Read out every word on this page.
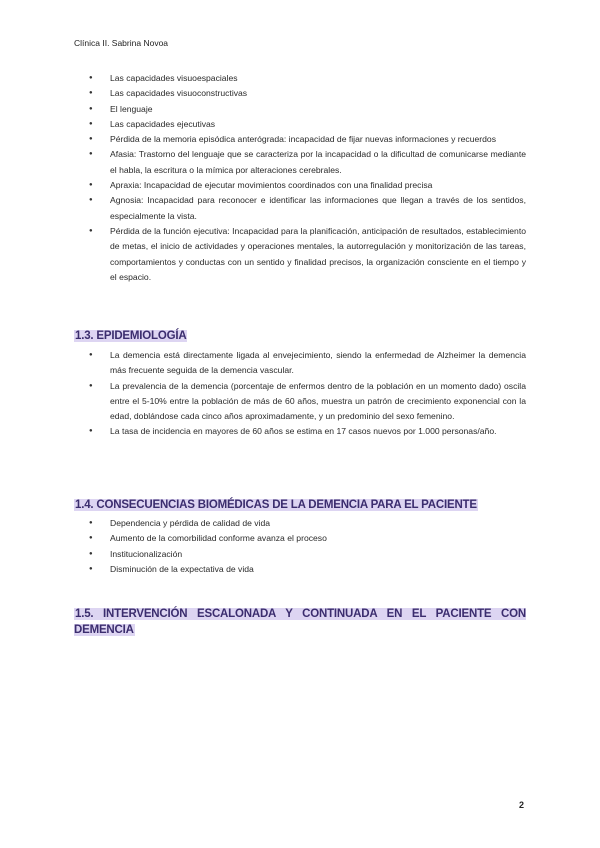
Clínica II. Sabrina Novoa
● Las capacidades visuoespaciales
● Las capacidades visuoconstructivas
● El lenguaje
● Las capacidades ejecutivas
● Pérdida de la memoria episódica anterógrada: incapacidad de fijar nuevas informaciones y recuerdos
● Afasia: Trastorno del lenguaje que se caracteriza por la incapacidad o la dificultad de comunicarse mediante el habla, la escritura o la mímica por alteraciones cerebrales.
● Apraxia: Incapacidad de ejecutar movimientos coordinados con una finalidad precisa
● Agnosia: Incapacidad para reconocer e identificar las informaciones que llegan a través de los sentidos, especialmente la vista.
● Pérdida de la función ejecutiva: Incapacidad para la planificación, anticipación de resultados, establecimiento de metas, el inicio de actividades y operaciones mentales, la autorregulación y monitorización de las tareas, comportamientos y conductas con un sentido y finalidad precisos, la organización consciente en el tiempo y el espacio.
1.3. EPIDEMIOLOGÍA
● La demencia está directamente ligada al envejecimiento, siendo la enfermedad de Alzheimer la demencia más frecuente seguida de la demencia vascular.
● La prevalencia de la demencia (porcentaje de enfermos dentro de la población en un momento dado) oscila entre el 5-10% entre la población de más de 60 años, muestra un patrón de crecimiento exponencial con la edad, doblándose cada cinco años aproximadamente, y un predominio del sexo femenino.
● La tasa de incidencia en mayores de 60 años se estima en 17 casos nuevos por 1.000 personas/año.
1.4. CONSECUENCIAS BIOMÉDICAS DE LA DEMENCIA PARA EL PACIENTE
● Dependencia y pérdida de calidad de vida
● Aumento de la comorbilidad conforme avanza el proceso
● Institucionalización
● Disminución de la expectativa de vida
1.5. INTERVENCIÓN ESCALONADA Y CONTINUADA EN EL PACIENTE CON DEMENCIA
2
